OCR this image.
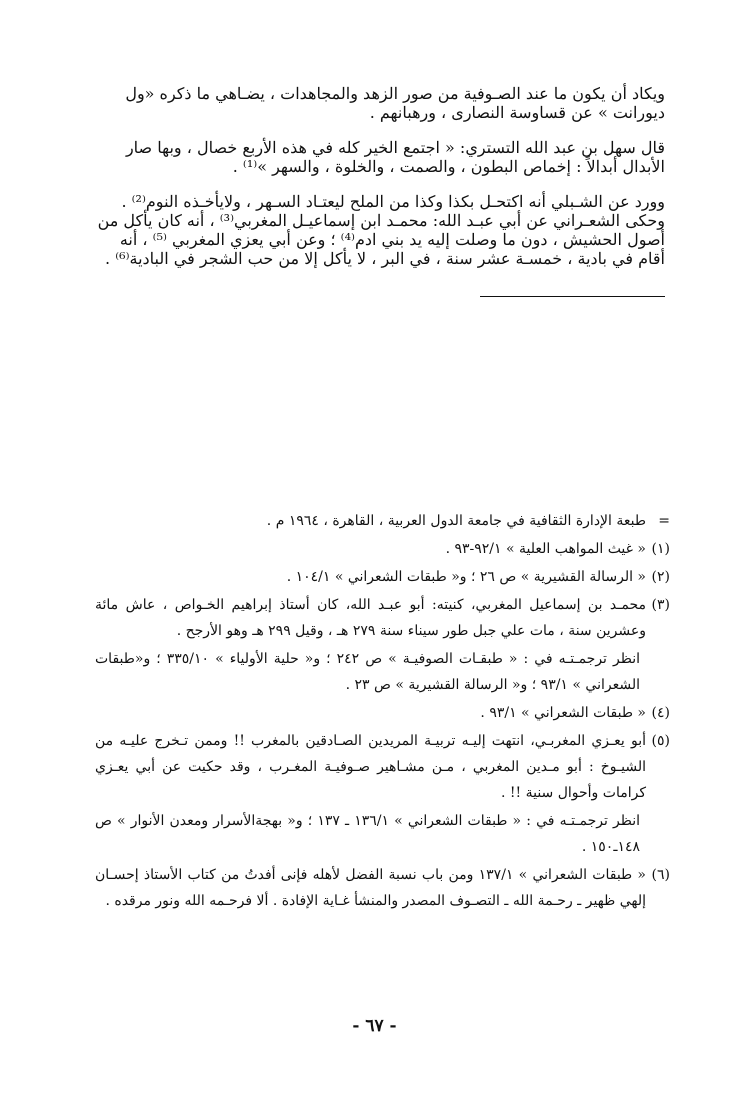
ويكاد أن يكون ما عند الصـوفية من صور الزهد والمجاهدات ، يضـاهي ما ذكره «ول ديورانت » عن قساوسة النصارى ، ورهبانهم .

قال سهل بن عبد الله التستري: « اجتمع الخير كله في هذه الأربع خصال ، وبها صار الأبدال أبدالاً : إخماص البطون ، والصمت ، والخلوة ، والسهر »⁽¹⁾ .

وورد عن الشـبلي أنه اكتحـل بكذا وكذا من الملح ليعتـاد السـهر ، ولايأخـذه النوم⁽²⁾ . وحكى الشعـراني عن أبي عبـد الله: محمـد ابن إسماعيـل المغربي⁽³⁾ ، أنه كان يأكل من أصول الحشيش ، دون ما وصلت إليه يد بني ادم⁽⁴⁾ ؛ وعن أبي يعزي المغربي ⁽⁵⁾ ، أنه أقام في بادية ، خمسـة عشر سنة ، في البر ، لا يأكل إلا من حب الشجر في البادية⁽⁶⁾ .

=
طبعة الإدارة الثقافية في جامعة الدول العربية ، القاهرة ، ١٩٦٤ م .
(١)
« غيث المواهب العلية » ٩٢/١-٩٣ .
(٢)
« الرسالة القشيرية » ص ٢٦ ؛ و« طبقات الشعراني » ١٠٤/١ .
(٣)
محمـد بن إسماعيل المغربي، كنيته: أبو عبـد الله، كان أستاذ إبراهيم الخـواص ، عاش مائة وعشرين سنة ، مات علي جبل طور سيناء سنة ٢٧٩ هـ ، وقيل ٢٩٩ هـ وهو الأرجح .
انظر ترجمـتـه في : « طبقـات الصوفيـة » ص ٢٤٢ ؛ و« حلية الأولياء » ٣٣٥/١٠ ؛ و«طبقات الشعراني » ٩٣/١ ؛ و« الرسالة القشيرية » ص ٢٣ .
(٤)
« طبقات الشعراني » ٩٣/١ .
(٥)
أبو يعـزي المغربـي، انتهت إليـه تربيـة المريدين الصـادقين بالمغرب !! وممن تـخرج عليـه من الشيـوخ : أبو مـدين المغربي ، مـن مشـاهير صـوفيـة المغـرب ، وقد حكيت عن أبي يعـزي كرامات وأحوال سنية !! .
انظر ترجمـتـه في : « طبقات الشعراني » ١٣٦/١ ـ ١٣٧ ؛ و« بهجةالأسرار ومعدن الأنوار » ص ١٤٨ـ١٥٠ .
(٦)
« طبقات الشعراني » ١٣٧/١ ومن باب نسبة الفضل لأهله فإنى أفدتُ من كتاب الأستاذ إحسـان إلهي ظهير ـ رحـمة الله ـ التصـوف المصدر والمنشأ غـاية الإفادة . ألا فرحـمه الله ونور مرقده .
- ٦٧ -
